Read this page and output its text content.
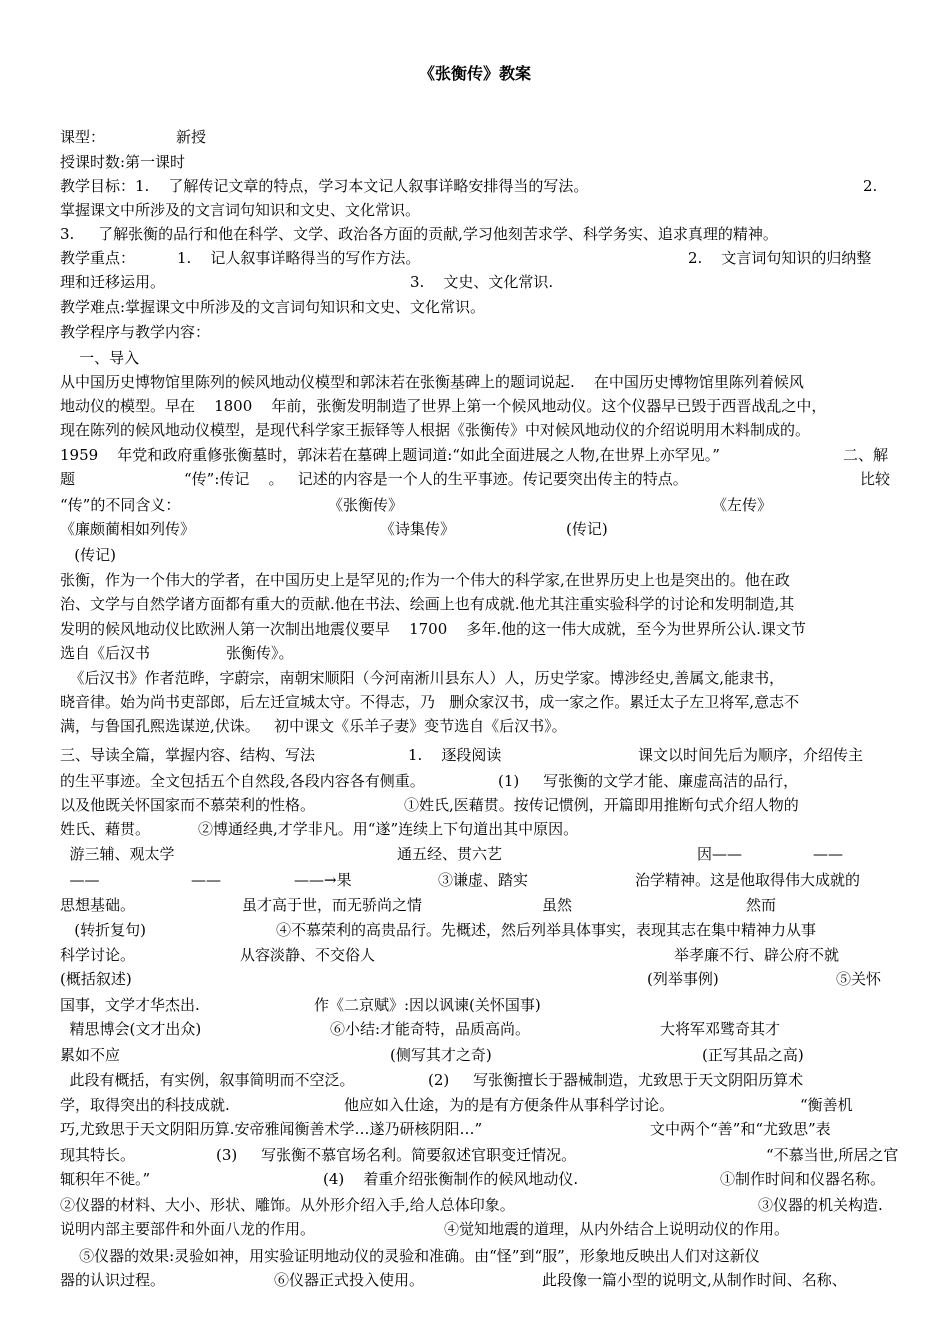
《张衡传》教案
课型：	新授
授课时数:第一课时
教学目标：1.    了解传记文章的特点，学习本文记人叙事详略安排得当的写法。	2.
掌握课文中所涉及的文言词句知识和文史、文化常识。
3.     了解张衡的品行和他在科学、文学、政治各方面的贡献,学习他刻苦求学、科学务实、追求真理的精神。
教学重点：	1.    记人叙事详略得当的写作方法。	2.    文言词句知识的归纳整
理和迁移运用。	3.    文史、文化常识.
教学难点:掌握课文中所涉及的文言词句知识和文史、文化常识。
教学程序与教学内容：
一、导入
从中国历史博物馆里陈列的候风地动仪模型和郭沫若在张衡基碑上的题词说起.    在中国历史博物馆里陈列着候风
地动仪的模型。早在    1800    年前，张衡发明制造了世界上第一个候风地动仪。这个仪器早已毁于西晋战乱之中，
现在陈列的候风地动仪模型，是现代科学家王振铎等人根据《张衡传》中对候风地动仪的介绍说明用木料制成的。
1959    年党和政府重修张衡墓时，郭沫若在墓碑上题词道:“如此全面进展之人物,在世界上亦罕见。”	二、解
题	“传”:传记    。   记述的内容是一个人的生平事迹。传记要突出传主的特点。	比较
“传”的不同含义：	《张衡传》	《左传》
《廉颇蔺相如列传》	《诗集传》	(传记)
(传记)
张衡，作为一个伟大的学者，在中国历史上是罕见的;作为一个伟大的科学家,在世界历史上也是突出的。他在政
治、文学与自然学诸方面都有重大的贡献.他在书法、绘画上也有成就.他尤其注重实验科学的讨论和发明制造,其
发明的候风地动仪比欧洲人第一次制出地震仪要早    1700    多年.他的这一伟大成就，至今为世界所公认.课文节
选自《后汉书	张衡传》。
《后汉书》作者范晔，字蔚宗，南朝宋顺阳（今河南淅川县东人）人，历史学家。博涉经史,善属文,能隶书，
晓音律。始为尚书吏部郎，后左迁宣城太守。不得志，乃   删众家汉书，成一家之作。累迁太子左卫将军,意志不
满，与鲁国孔熙选谋逆,伏诛。   初中课文《乐羊子妻》变节选自《后汉书》。
三、导读全篇，掌握内容、结构、写法	1.    逐段阅读	课文以时间先后为顺序，介绍传主
的生平事迹。全文包括五个自然段,各段内容各有侧重。	(1)     写张衡的文学才能、廉虚高洁的品行，
以及他既关怀国家而不慕荣利的性格。	①姓氏,医藉贯。按传记惯例，开篇即用推断句式介绍人物的
姓氏、藉贯。	②博通经典,才学非凡。用“遂”连续上下句道出其中原因。
游三辅、观太学	通五经、贯六艺	因——	——
——	——	——→果	③谦虚、踏实	治学精神。这是他取得伟大成就的
思想基础。	虽才高于世，而无骄尚之情	虽然	然而
(转折复句)	④不慕荣利的高贵品行。先概述，然后列举具体事实，表现其志在集中精神力从事
科学讨论。	从容淡静、不交俗人	举孝廉不行、辟公府不就
(概括叙述)	(列举事例)	⑤关怀
国事，文学才华杰出.	作《二京赋》:因以讽谏(关怀国事)
精思博会(文才出众)	⑥小结:才能奇特，品质高尚。	大将军邓骘奇其才
累如不应	(侧写其才之奇)	(正写其品之高)
此段有概括，有实例，叙事简明而不空泛。	(2)     写张衡擅长于器械制造，尤致思于天文阴阳历算术
学，取得突出的科技成就.	他应如入仕途，为的是有方便条件从事科学讨论。	“衡善机
巧,尤致思于天文阴阳历算.安帝雅闻衡善术学…遂乃研核阴阳…”	文中两个“善”和“尤致思”表
现其特长。	(3)     写张衡不慕官场名利。简要叙述官职变迁情况。	“不慕当世,所居之官
辄积年不徙。”	(4)    着重介绍张衡制作的候风地动仪.	①制作时间和仪器名称。
②仪器的材料、大小、形状、雕饰。从外形介绍入手,给人总体印象。	③仪器的机关构造.
说明内部主要部件和外面八龙的作用。	④觉知地震的道理，从内外结合上说明动仪的作用。
⑤仪器的效果:灵验如神，用实验证明地动仪的灵验和准确。由“怪”到“服”，形象地反映出人们对这新仪
器的认识过程。	⑥仪器正式投入使用。	此段像一篇小型的说明文,从制作时间、名称、
